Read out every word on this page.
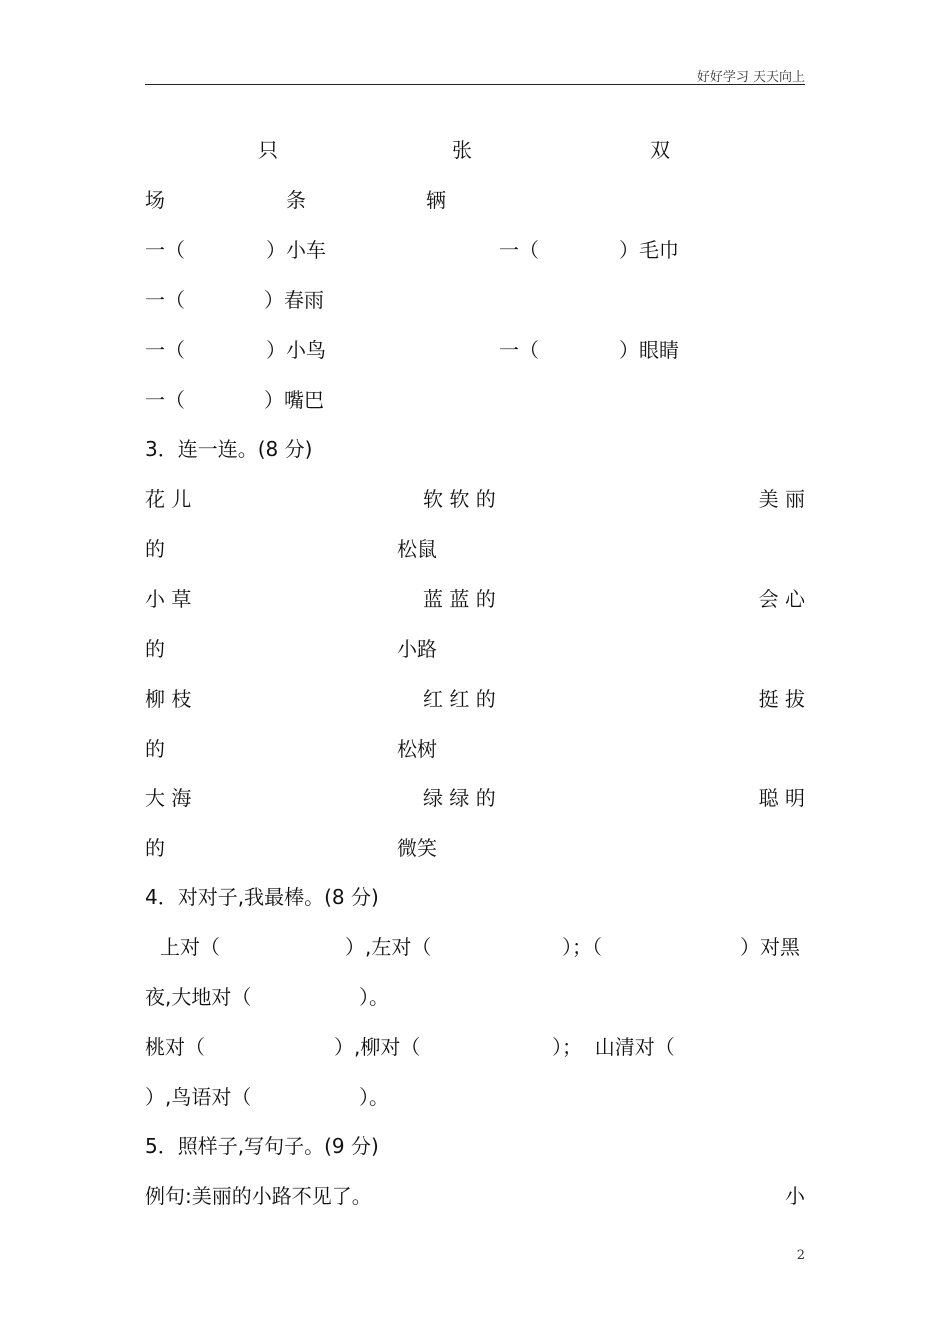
好好学习 天天向上
只	张	双
场	条	辆
一（	）小车	一（	）毛巾
一（	）春雨
一（	）小鸟	一（	）眼睛
一（	）嘴巴
3．连一连。(8 分)
花 儿	软 软 的	美 丽
的	松鼠
小 草	蓝 蓝 的	会 心
的	小路
柳 枝	红 红 的	挺 拔
的	松树
大 海	绿 绿 的	聪 明
的	微笑
4．对对子,我最棒。(8 分)
上对（	）,左对（	）；（	）对黑
夜,大地对（	）。
桃对（	）,柳对（	）；  山清对（
）,鸟语对（	）。
5．照样子,写句子。(9 分)
例句:美丽的小路不见了。	小
2
